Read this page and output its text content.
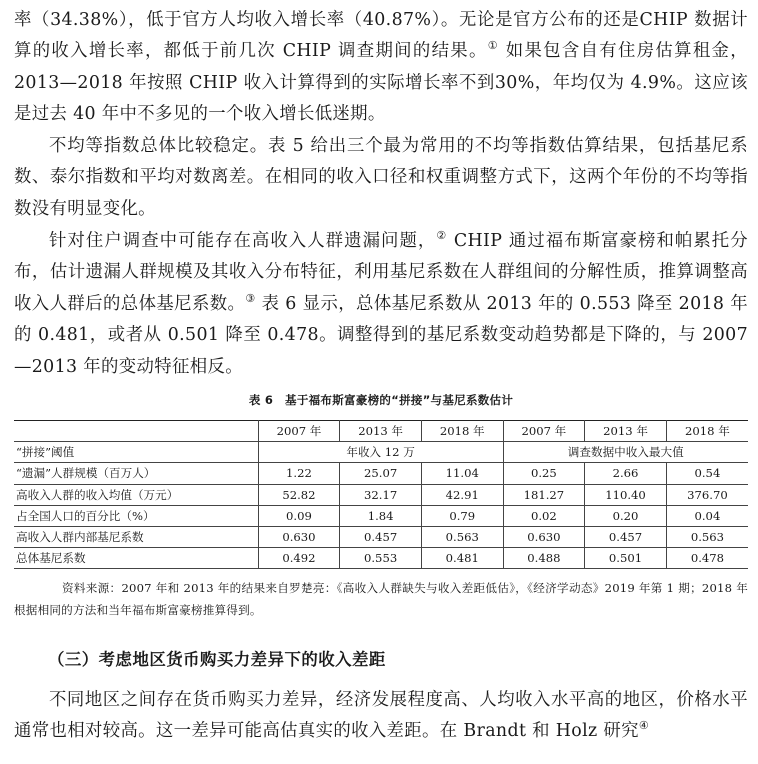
率（34.38%），低于官方人均收入增长率（40.87%）。无论是官方公布的还是CHIP 数据计算的收入增长率，都低于前几次 CHIP 调查期间的结果。① 如果包含自有住房估算租金，2013—2018 年按照 CHIP 收入计算得到的实际增长率不到30%，年均仅为 4.9%。这应该是过去 40 年中不多见的一个收入增长低迷期。

不均等指数总体比较稳定。表 5 给出三个最为常用的不均等指数估算结果，包括基尼系数、泰尔指数和平均对数离差。在相同的收入口径和权重调整方式下，这两个年份的不均等指数没有明显变化。

针对住户调查中可能存在高收入人群遗漏问题，② CHIP 通过福布斯富豪榜和帕累托分布，估计遗漏人群规模及其收入分布特征，利用基尼系数在人群组间的分解性质，推算调整高收入人群后的总体基尼系数。③ 表 6 显示，总体基尼系数从 2013 年的 0.553 降至 2018 年的 0.481，或者从 0.501 降至 0.478。调整得到的基尼系数变动趋势都是下降的，与 2007—2013 年的变动特征相反。

表 6　基于福布斯富豪榜的“拼接”与基尼系数估计
	2007 年	2013 年	2018 年	2007 年	2013 年	2018 年
“拼接”阈值	年收入 12 万			调查数据中收入最大值		
“遗漏”人群规模（百万人）	1.22	25.07	11.04	0.25	2.66	0.54
高收入人群的收入均值（万元）	52.82	32.17	42.91	181.27	110.40	376.70
占全国人口的百分比（%）	0.09	1.84	0.79	0.02	0.20	0.04
高收入人群内部基尼系数	0.630	0.457	0.563	0.630	0.457	0.563
总体基尼系数	0.492	0.553	0.481	0.488	0.501	0.478
资料来源：2007 年和 2013 年的结果来自罗楚亮：《高收入人群缺失与收入差距低估》，《经济学动态》2019 年第 1 期；2018 年根据相同的方法和当年福布斯富豪榜推算得到。
（三）考虑地区货币购买力差异下的收入差距

不同地区之间存在货币购买力差异，经济发展程度高、人均收入水平高的地区，价格水平通常也相对较高。这一差异可能高估真实的收入差距。在 Brandt 和 Holz 研究④
